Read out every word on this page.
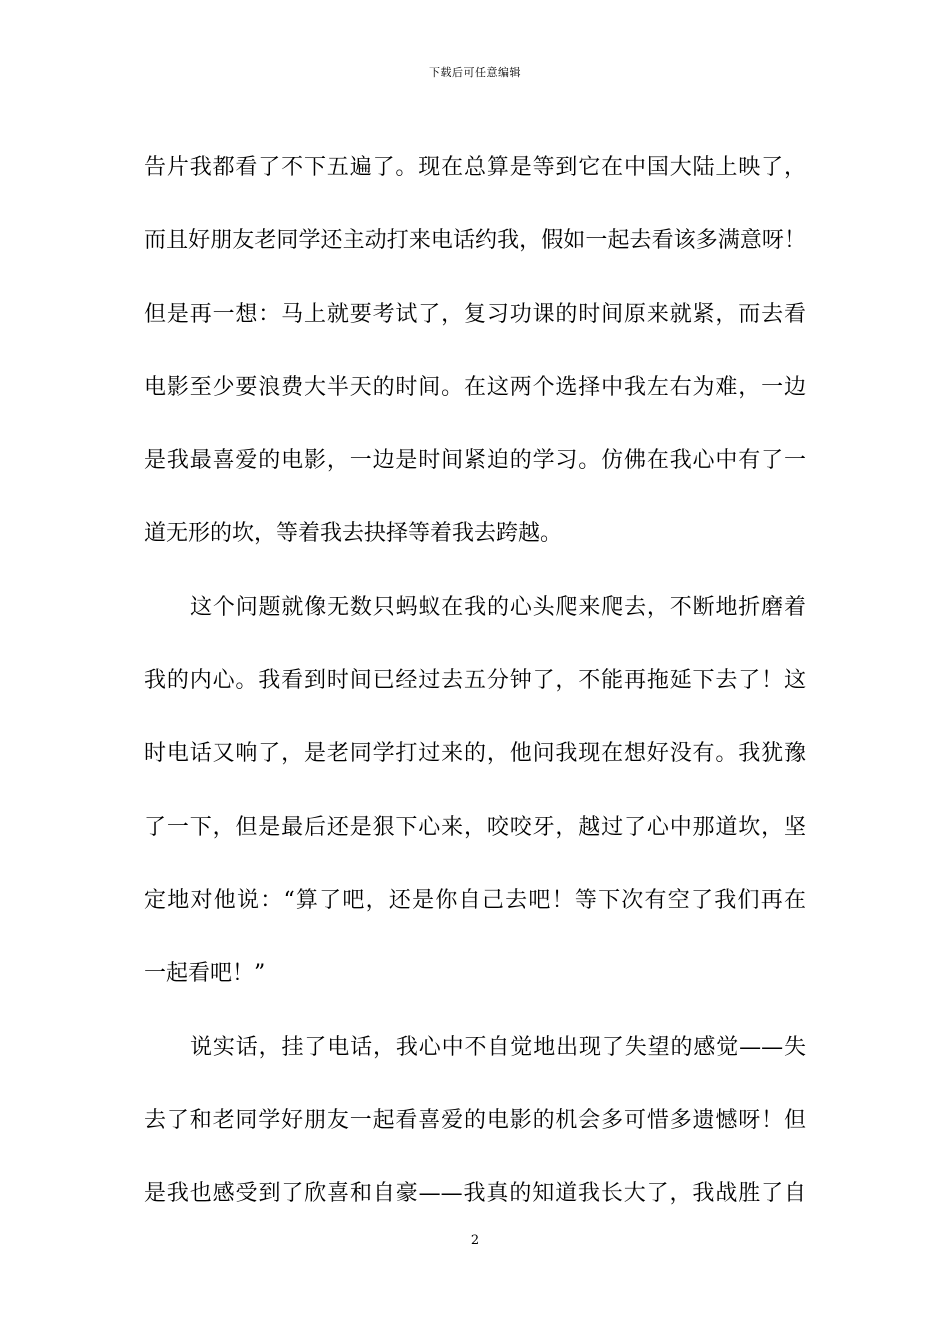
下载后可任意编辑
告片我都看了不下五遍了。现在总算是等到它在中国大陆上映了，
而且好朋友老同学还主动打来电话约我，假如一起去看该多满意呀！
但是再一想：马上就要考试了，复习功课的时间原来就紧，而去看
电影至少要浪费大半天的时间。在这两个选择中我左右为难，一边
是我最喜爱的电影，一边是时间紧迫的学习。仿佛在我心中有了一
道无形的坎，等着我去抉择等着我去跨越。
这个问题就像无数只蚂蚁在我的心头爬来爬去，不断地折磨着
我的内心。我看到时间已经过去五分钟了，不能再拖延下去了！这
时电话又响了，是老同学打过来的，他问我现在想好没有。我犹豫
了一下，但是最后还是狠下心来，咬咬牙，越过了心中那道坎，坚
定地对他说：“算了吧，还是你自己去吧！等下次有空了我们再在
一起看吧！”
说实话，挂了电话，我心中不自觉地出现了失望的感觉——失
去了和老同学好朋友一起看喜爱的电影的机会多可惜多遗憾呀！但
是我也感受到了欣喜和自豪——我真的知道我长大了，我战胜了自
2
